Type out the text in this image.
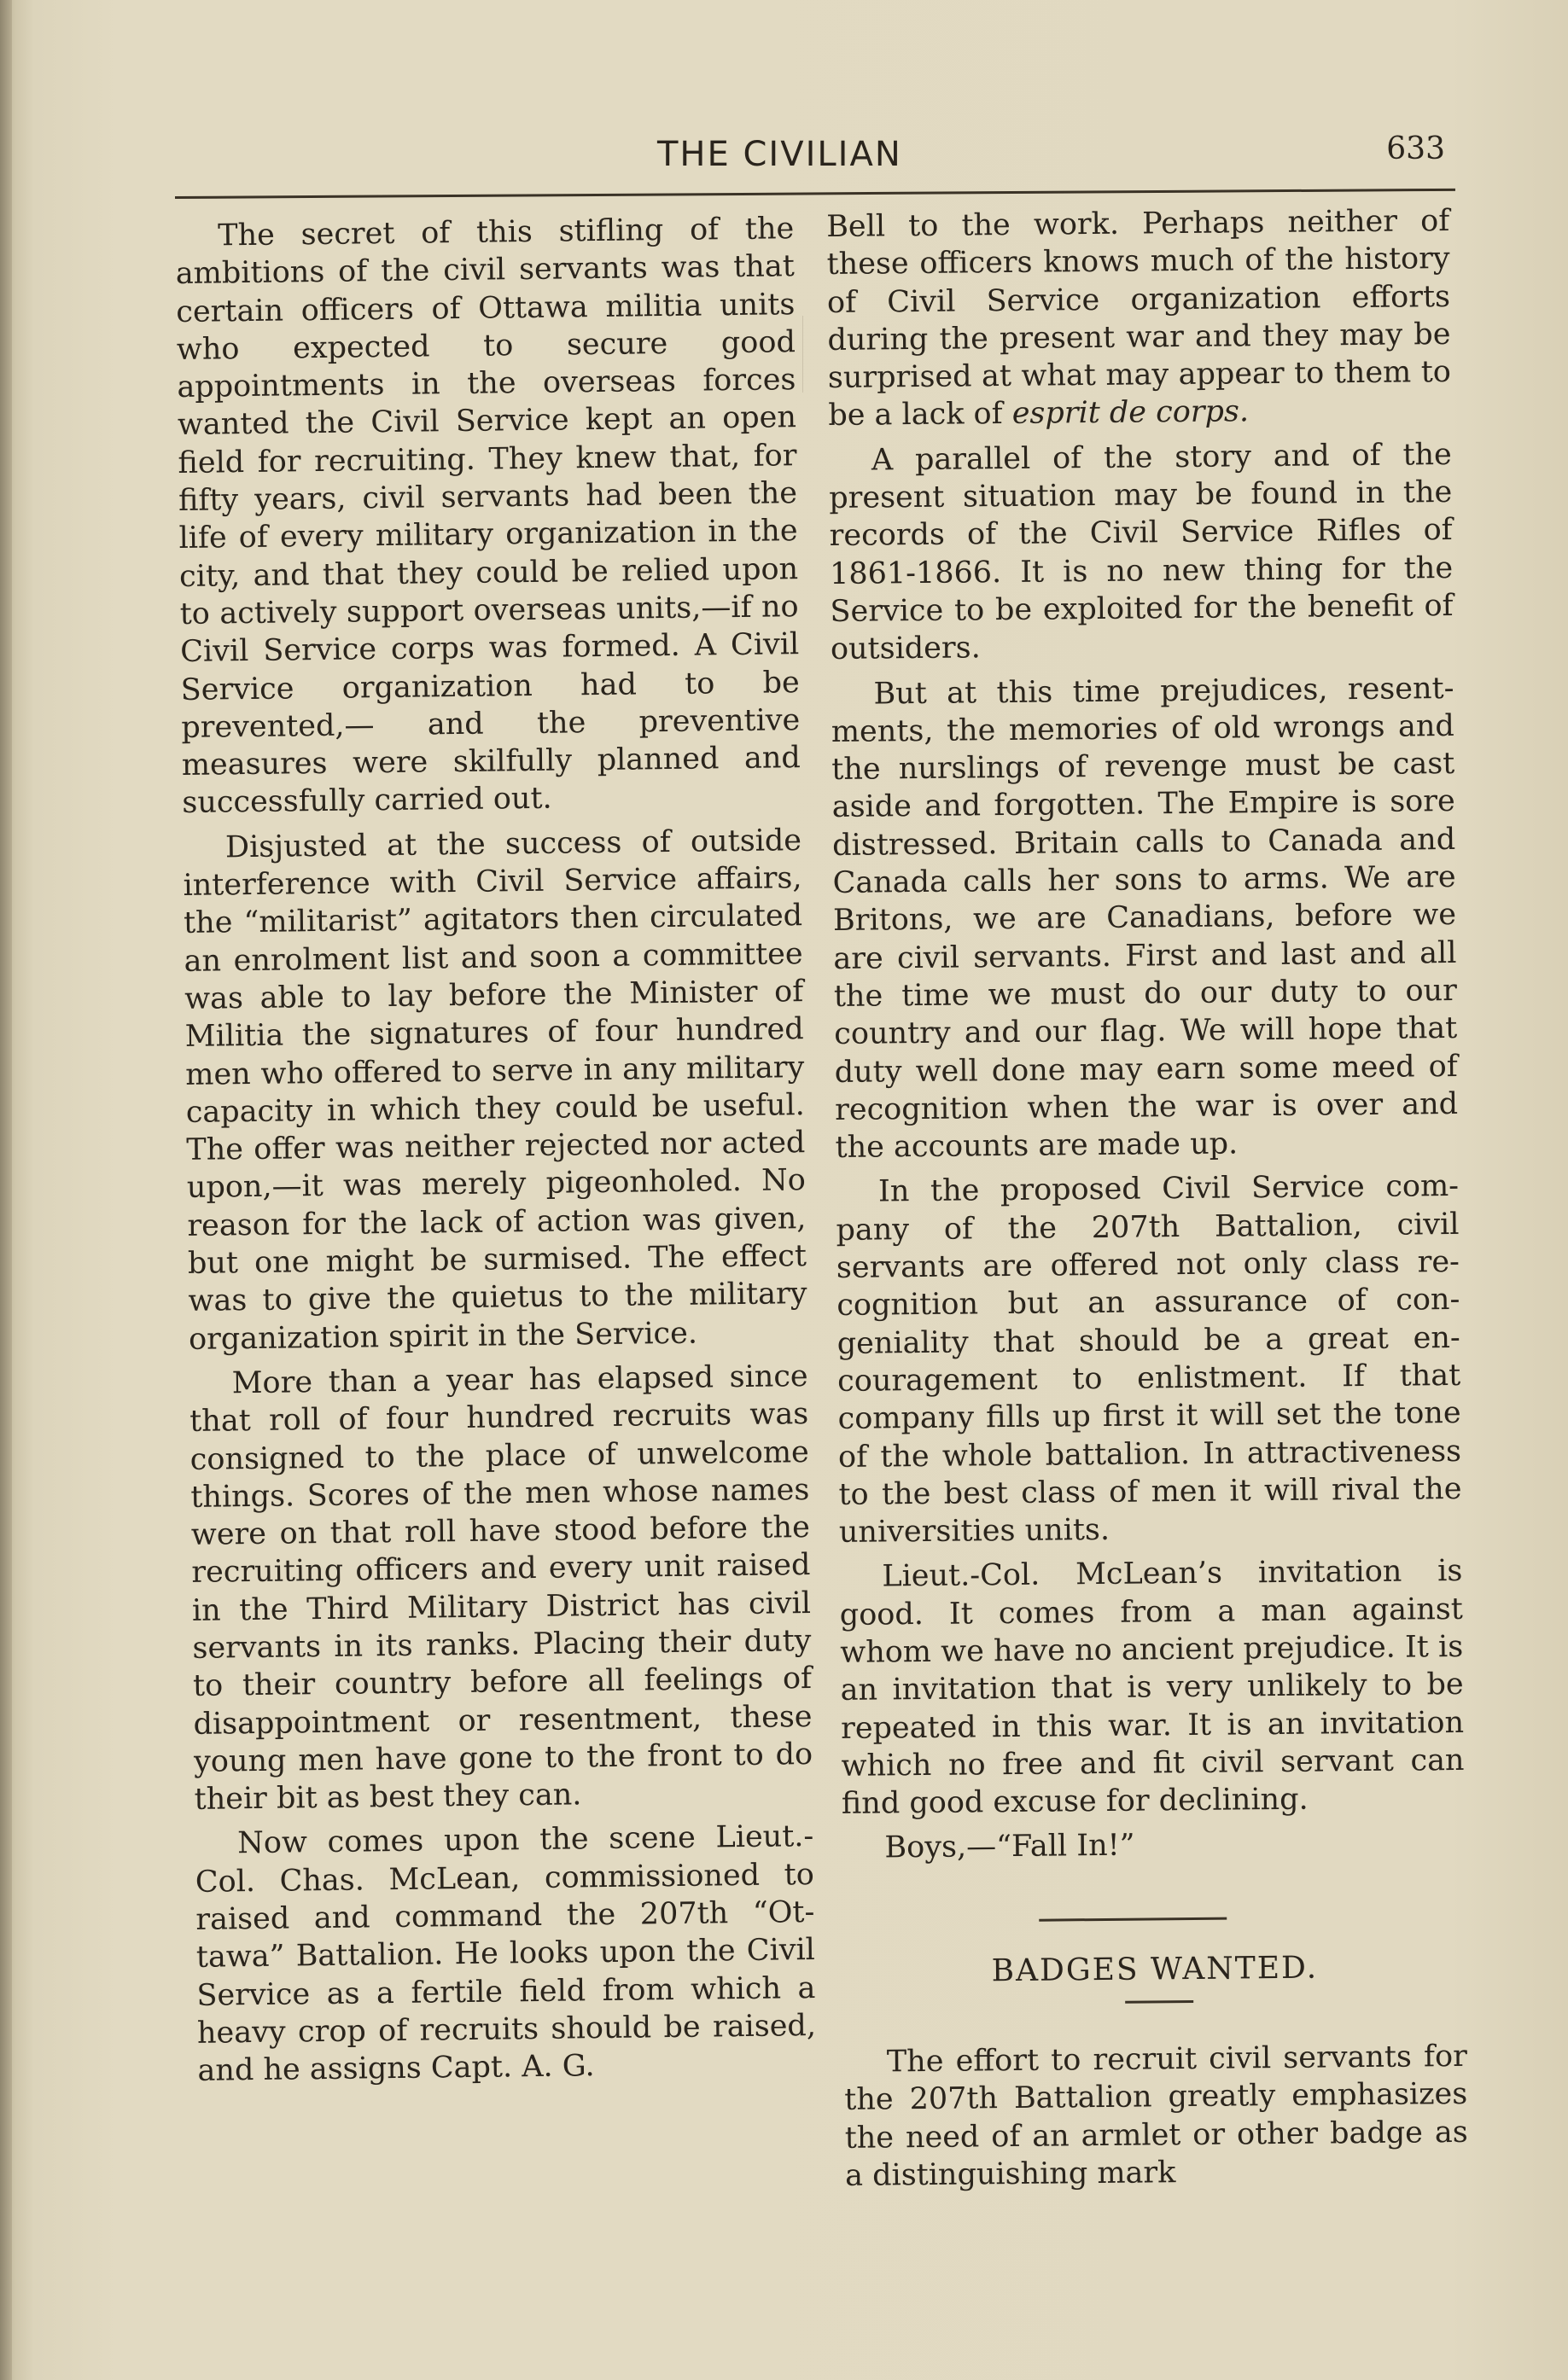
THE CIVILIAN	633

The secret of this stifling of the ambitions of the civil servants was that certain officers of Ottawa militia units who expected to secure good appointments in the overseas forces wanted the Civil Service kept an open field for recruiting. They knew that, for fifty years, civil servants had been the life of every military organization in the city, and that they could be relied upon to actively support overseas units,—if no Civil Service corps was formed. A Civil Service organization had to be prevented,— and the preventive measures were skilfully planned and successfully carried out.

Disjusted at the success of outside interference with Civil Service affairs, the “militarist” agitators then circulated an enrolment list and soon a committee was able to lay before the Minister of Militia the signatures of four hundred men who offered to serve in any military capacity in which they could be useful. The offer was neither rejected nor acted upon,—it was merely pigeonholed. No reason for the lack of action was given, but one might be surmised. The effect was to give the quietus to the military organization spirit in the Service.

More than a year has elapsed since that roll of four hundred recruits was consigned to the place of unwelcome things. Scores of the men whose names were on that roll have stood before the recruiting officers and every unit raised in the Third Military District has civil servants in its ranks. Placing their duty to their country before all feelings of disappointment or resentment, these young men have gone to the front to do their bit as best they can.

Now comes upon the scene Lieut.-Col. Chas. McLean, commissioned to raised and command the 207th “Ottawa” Battalion. He looks upon the Civil Service as a fertile field from which a heavy crop of recruits should be raised, and he assigns Capt. A. G.

Bell to the work. Perhaps neither of these officers knows much of the history of Civil Service organization efforts during the present war and they may be surprised at what may appear to them to be a lack of esprit de corps.

A parallel of the story and of the present situation may be found in the records of the Civil Service Rifles of 1861-1866. It is no new thing for the Service to be exploited for the benefit of outsiders.

But at this time prejudices, resentments, the memories of old wrongs and the nurslings of revenge must be cast aside and forgotten. The Empire is sore distressed. Britain calls to Canada and Canada calls her sons to arms. We are Britons, we are Canadians, before we are civil servants. First and last and all the time we must do our duty to our country and our flag. We will hope that duty well done may earn some meed of recognition when the war is over and the accounts are made up.

In the proposed Civil Service company of the 207th Battalion, civil servants are offered not only class recognition but an assurance of congeniality that should be a great encouragement to enlistment. If that company fills up first it will set the tone of the whole battalion. In attractiveness to the best class of men it will rival the universities units.

Lieut.-Col. McLean’s invitation is good. It comes from a man against whom we have no ancient prejudice. It is an invitation that is very unlikely to be repeated in this war. It is an invitation which no free and fit civil servant can find good excuse for declining.

Boys,—“Fall In!”

BADGES WANTED.

The effort to recruit civil servants for the 207th Battalion greatly emphasizes the need of an armlet or other badge as a distinguishing mark
